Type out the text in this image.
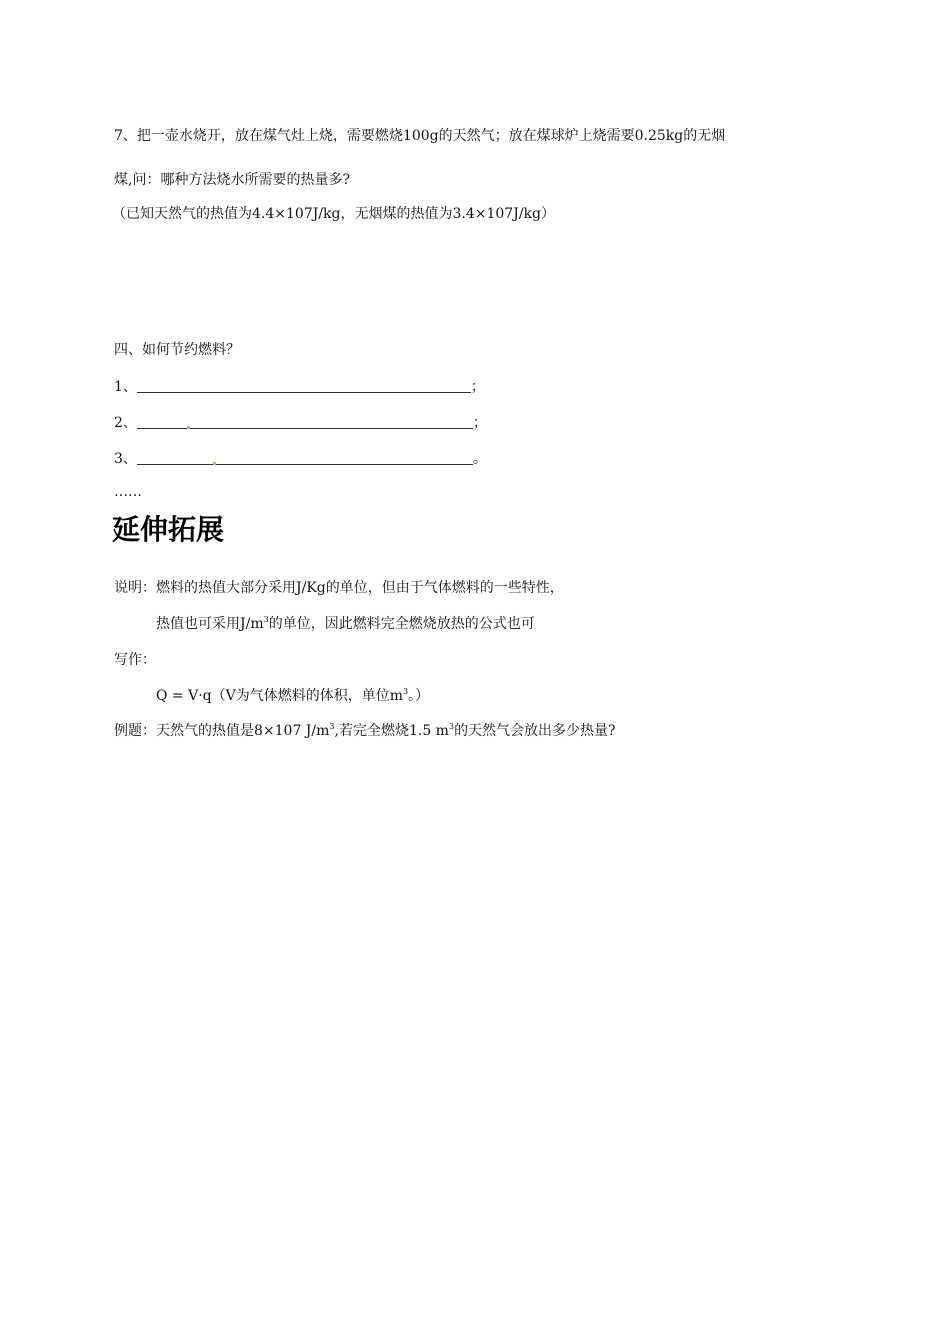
7、把一壶水烧开，放在煤气灶上烧，需要燃烧100g的天然气；放在煤球炉上烧需要0.25kg的无烟
煤,问：哪种方法烧水所需要的热量多?
（已知天然气的热值为4.4×107J/kg，无烟煤的热值为3.4×107J/kg）
四、如何节约燃料？
1、	；
2、	；
3、	。
……
延伸拓展
说明：燃料的热值大部分采用J/Kg的单位，但由于气体燃料的一些特性，
热值也可采用$J/m^3$的单位，因此燃料完全燃烧放热的公式也可
写作：
Q = V·q（V为气体燃料的体积，单位$m^3$。）
例题：天然气的热值是8×107 $J/m^3$,若完全燃烧1.5 $m^3$的天然气会放出多少热量?
